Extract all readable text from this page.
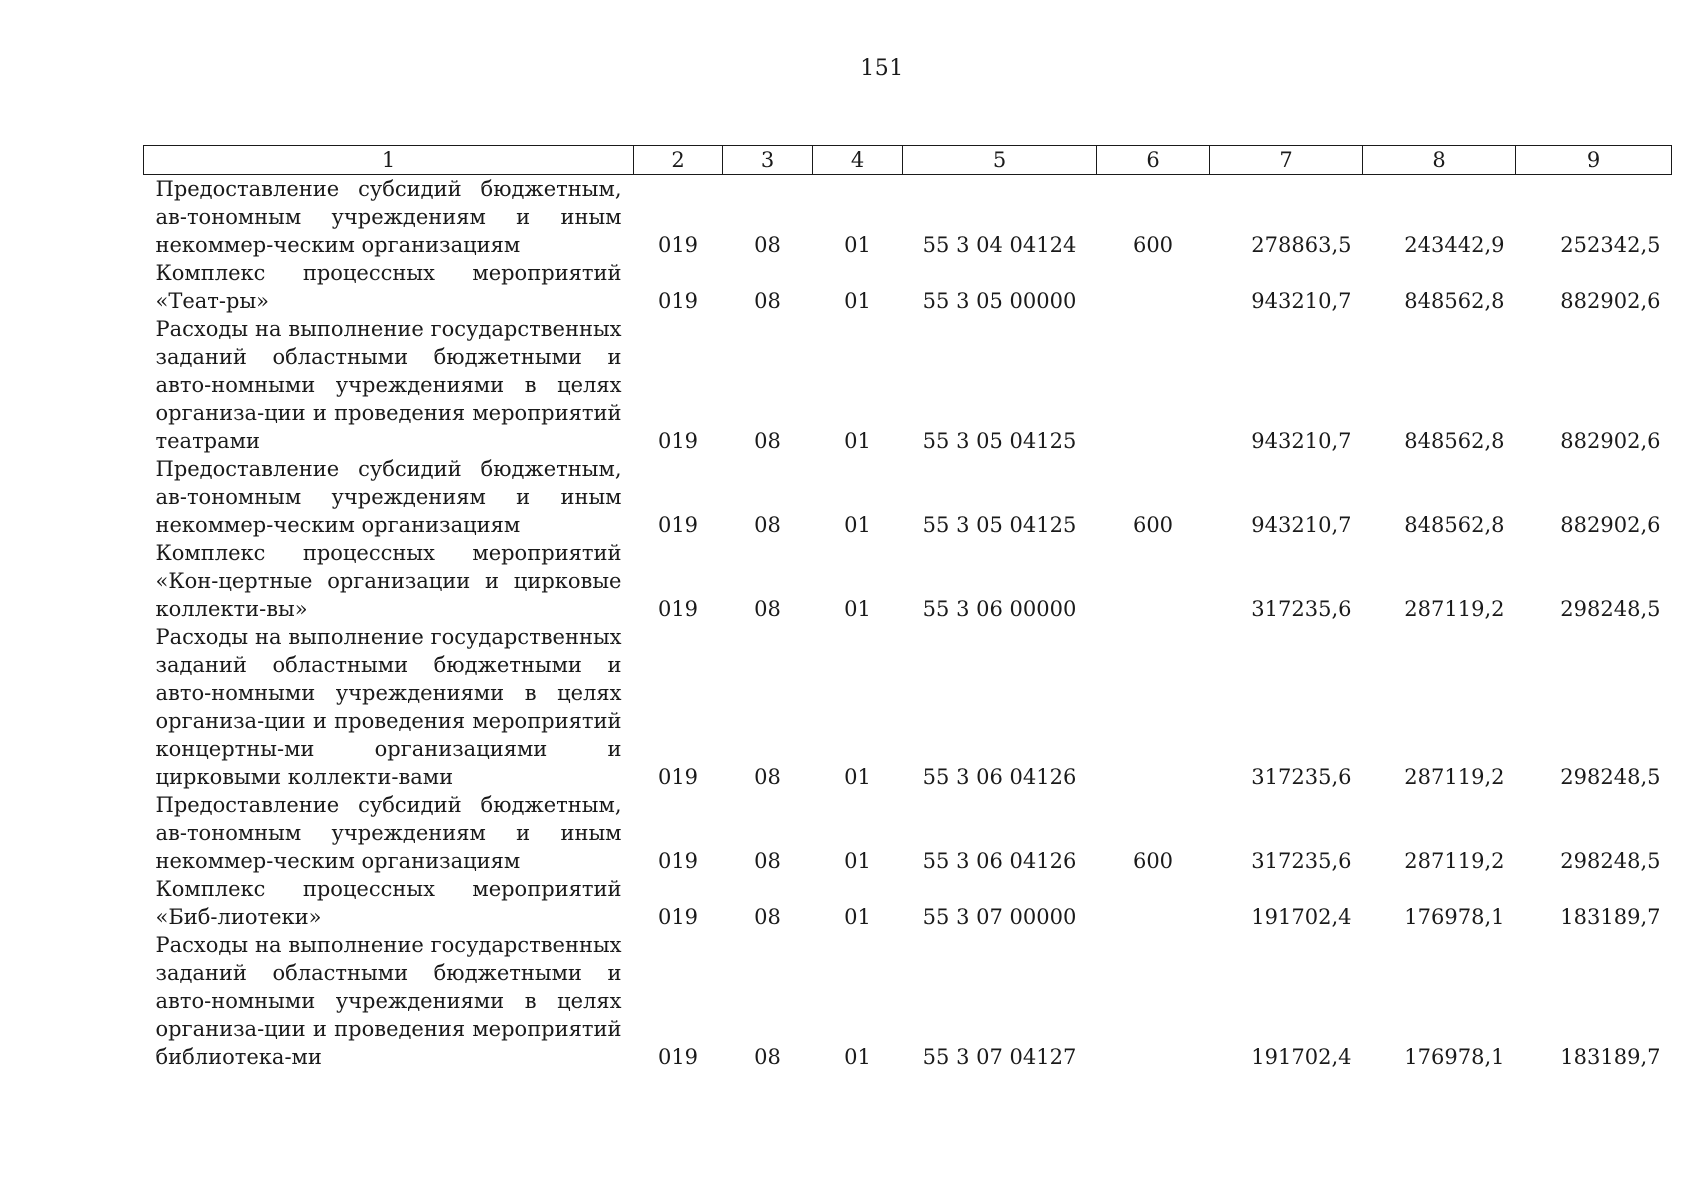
151
1	2	3	4	5	6	7	8	9
Предоставление субсидий бюджетным, ав-тономным учреждениям и иным некоммер-ческим организациям	019	08	01	55 3 04 04124	600	278863,5	243442,9	252342,5
Комплекс процессных мероприятий «Теат-ры»	019	08	01	55 3 05 00000		943210,7	848562,8	882902,6
Расходы на выполнение государственных заданий областными бюджетными и авто-номными учреждениями в целях организа-ции и проведения мероприятий театрами	019	08	01	55 3 05 04125		943210,7	848562,8	882902,6
Предоставление субсидий бюджетным, ав-тономным учреждениям и иным некоммер-ческим организациям	019	08	01	55 3 05 04125	600	943210,7	848562,8	882902,6
Комплекс процессных мероприятий «Кон-цертные организации и цирковые коллекти-вы»	019	08	01	55 3 06 00000		317235,6	287119,2	298248,5
Расходы на выполнение государственных заданий областными бюджетными и авто-номными учреждениями в целях организа-ции и проведения мероприятий концертны-ми организациями и цирковыми коллекти-вами	019	08	01	55 3 06 04126		317235,6	287119,2	298248,5
Предоставление субсидий бюджетным, ав-тономным учреждениям и иным некоммер-ческим организациям	019	08	01	55 3 06 04126	600	317235,6	287119,2	298248,5
Комплекс процессных мероприятий «Биб-лиотеки»	019	08	01	55 3 07 00000		191702,4	176978,1	183189,7
Расходы на выполнение государственных заданий областными бюджетными и авто-номными учреждениями в целях организа-ции и проведения мероприятий библиотека-ми	019	08	01	55 3 07 04127		191702,4	176978,1	183189,7
